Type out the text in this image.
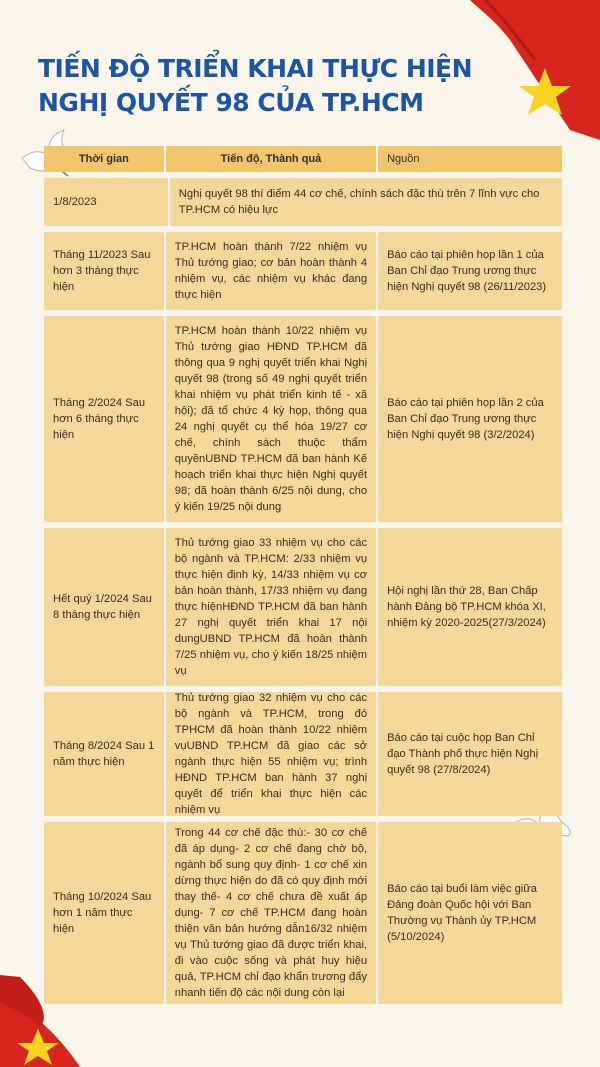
TIẾN ĐỘ TRIỂN KHAI THỰC HIỆN
NGHỊ QUYẾT 98 CỦA TP.HCM
Thời gian	Tiến độ, Thành quả	Nguồn
1/8/2023
Nghị quyết 98 thí điểm 44 cơ chế, chính sách đặc thù trên 7 lĩnh vực cho TP.HCM có hiệu lực
Tháng 11/2023 Sau hơn 3 tháng thực hiện
TP.HCM hoàn thành 7/22 nhiệm vụ Thủ tướng giao; cơ bản hoàn thành 4 nhiệm vụ, các nhiệm vụ khác đang thực hiện
Báo cáo tại phiên họp lần 1 của Ban Chỉ đạo Trung ương thực hiện Nghị quyết 98 (26/11/2023)
Tháng 2/2024 Sau hơn 6 tháng thực hiện
TP.HCM hoàn thành 10/22 nhiệm vụ Thủ tướng giao HĐND TP.HCM đã thông qua 9 nghị quyết triển khai Nghị quyết 98 (trong số 49 nghị quyết triển khai nhiệm vụ phát triển kinh tế - xã hội); đã tổ chức 4 kỳ họp, thông qua 24 nghị quyết cụ thể hóa 19/27 cơ chế, chính sách thuộc thẩm quyềnUBND TP.HCM đã ban hành Kế hoạch triển khai thực hiện Nghị quyết 98; đã hoàn thành 6/25 nội dung, cho ý kiến 19/25 nội dung
Báo cáo tại phiên họp lần 2 của Ban Chỉ đạo Trung ương thực hiện Nghị quyết 98 (3/2/2024)
Hết quý 1/2024 Sau 8 tháng thực hiện
Thủ tướng giao 33 nhiệm vụ cho các bộ ngành và TP.HCM: 2/33 nhiệm vụ thực hiện định kỳ, 14/33 nhiệm vụ cơ bản hoàn thành, 17/33 nhiệm vụ đang thực hiệnHĐND TP.HCM đã ban hành 27 nghị quyết triển khai 17 nội dungUBND TP.HCM đã hoàn thành 7/25 nhiệm vụ, cho ý kiến 18/25 nhiệm vụ
Hội nghị lần thứ 28, Ban Chấp hành Đảng bộ TP.HCM khóa XI, nhiệm kỳ 2020-2025(27/3/2024)
Tháng 8/2024 Sau 1 năm thực hiện
Thủ tướng giao 32 nhiệm vụ cho các bộ ngành và TP.HCM, trong đó TPHCM đã hoàn thành 10/22 nhiệm vụUBND TP.HCM đã giao các sở ngành thực hiện 55 nhiệm vụ; trình HĐND TP.HCM ban hành 37 nghị quyết để triển khai thực hiện các nhiệm vụ
Báo cáo tại cuộc họp Ban Chỉ đạo Thành phố thực hiện Nghị quyết 98 (27/8/2024)
Tháng 10/2024 Sau hơn 1 năm thực hiện
Trong 44 cơ chế đặc thù:- 30 cơ chế đã áp dụng- 2 cơ chế đang chờ bộ, ngành bổ sung quy định- 1 cơ chế xin dừng thực hiện do đã có quy định mới thay thế- 4 cơ chế chưa đề xuất áp dụng- 7 cơ chế TP.HCM đang hoàn thiện văn bản hướng dẫn16/32 nhiệm vụ Thủ tướng giao đã được triển khai, đi vào cuộc sống và phát huy hiệu quả, TP.HCM chỉ đạo khẩn trương đẩy nhanh tiến độ các nội dung còn lại
Báo cáo tại buổi làm việc giữa Đảng đoàn Quốc hội với Ban Thường vụ Thành ủy TP.HCM (5/10/2024)
